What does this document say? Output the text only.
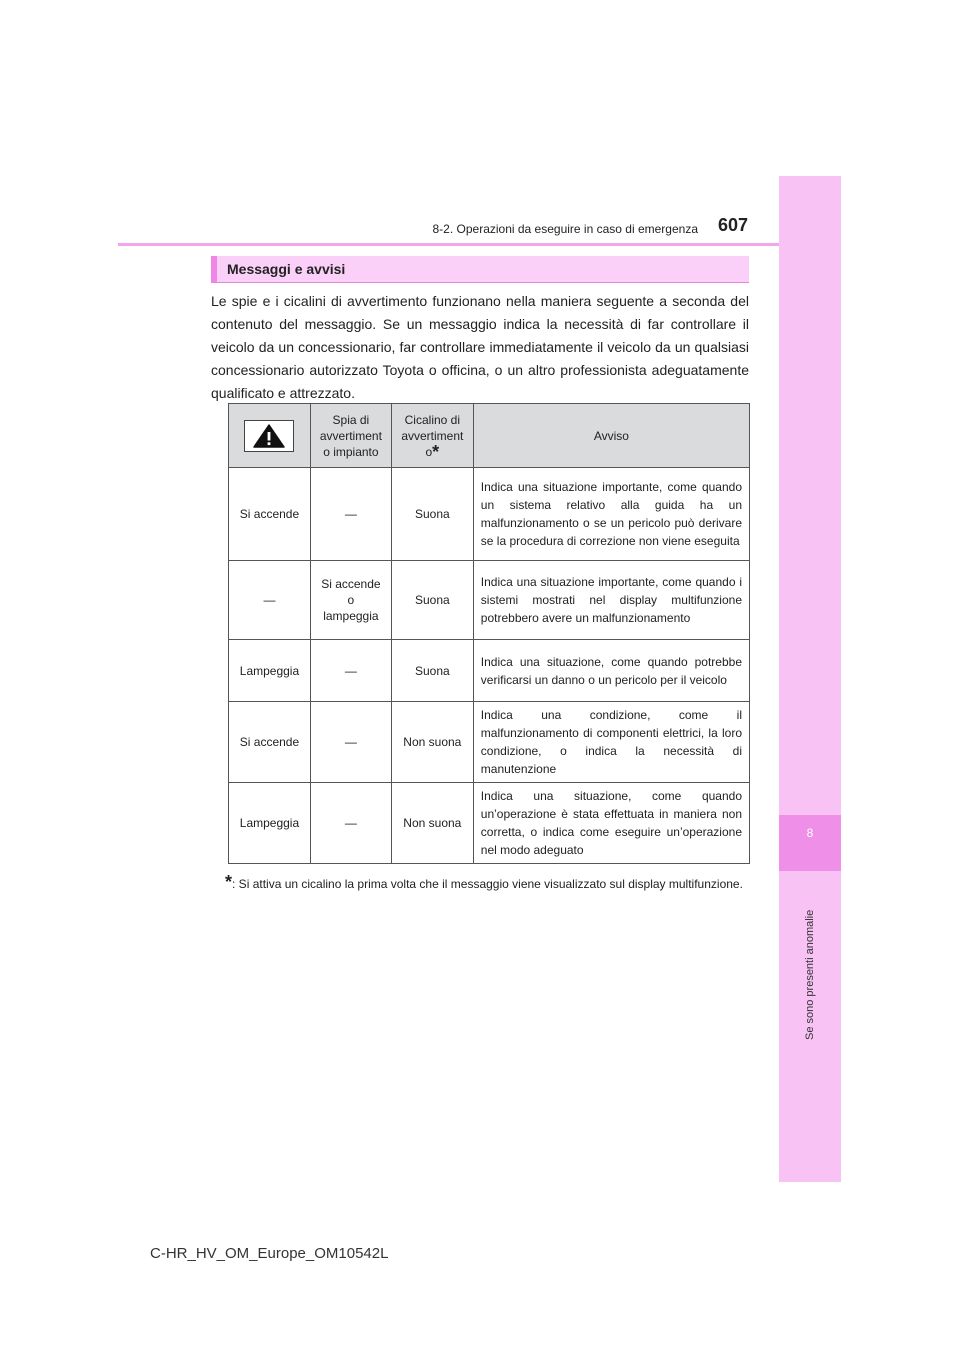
8
Se sono presenti anomalie
8-2. Operazioni da eseguire in caso di emergenza 607
Messaggi e avvisi
Le spie e i cicalini di avvertimento funzionano nella maniera seguente a seconda del contenuto del messaggio. Se un messaggio indica la necessità di far controllare il veicolo da un concessionario, far controllare immediatamente il veicolo da un qualsiasi concessionario autorizzato Toyota o officina, o un altro professionista adeguatamente qualificato e attrezzato.
	Spia di
avvertiment
o impianto	Cicalino di
avvertiment
o*	Avviso
Si accende	—	Suona	Indica una situazione importante, come quando un sistema relativo alla guida ha un malfunzionamento o se un pericolo può derivare se la procedura di correzione non viene eseguita
—	Si accende
o
lampeggia	Suona	Indica una situazione importante, come quando i sistemi mostrati nel display multifunzione potrebbero avere un malfunzionamento
Lampeggia	—	Suona	Indica una situazione, come quando potrebbe verificarsi un danno o un pericolo per il veicolo
Si accende	—	Non suona	Indica una condizione, come il malfunzionamento di componenti elettrici, la loro condizione, o indica la necessità di manutenzione
Lampeggia	—	Non suona	Indica una situazione, come quando un’operazione è stata effettuata in maniera non corretta, o indica come eseguire un’operazione nel modo adeguato
*: Si attiva un cicalino la prima volta che il messaggio viene visualizzato sul display multifunzione.
C-HR_HV_OM_Europe_OM10542L
